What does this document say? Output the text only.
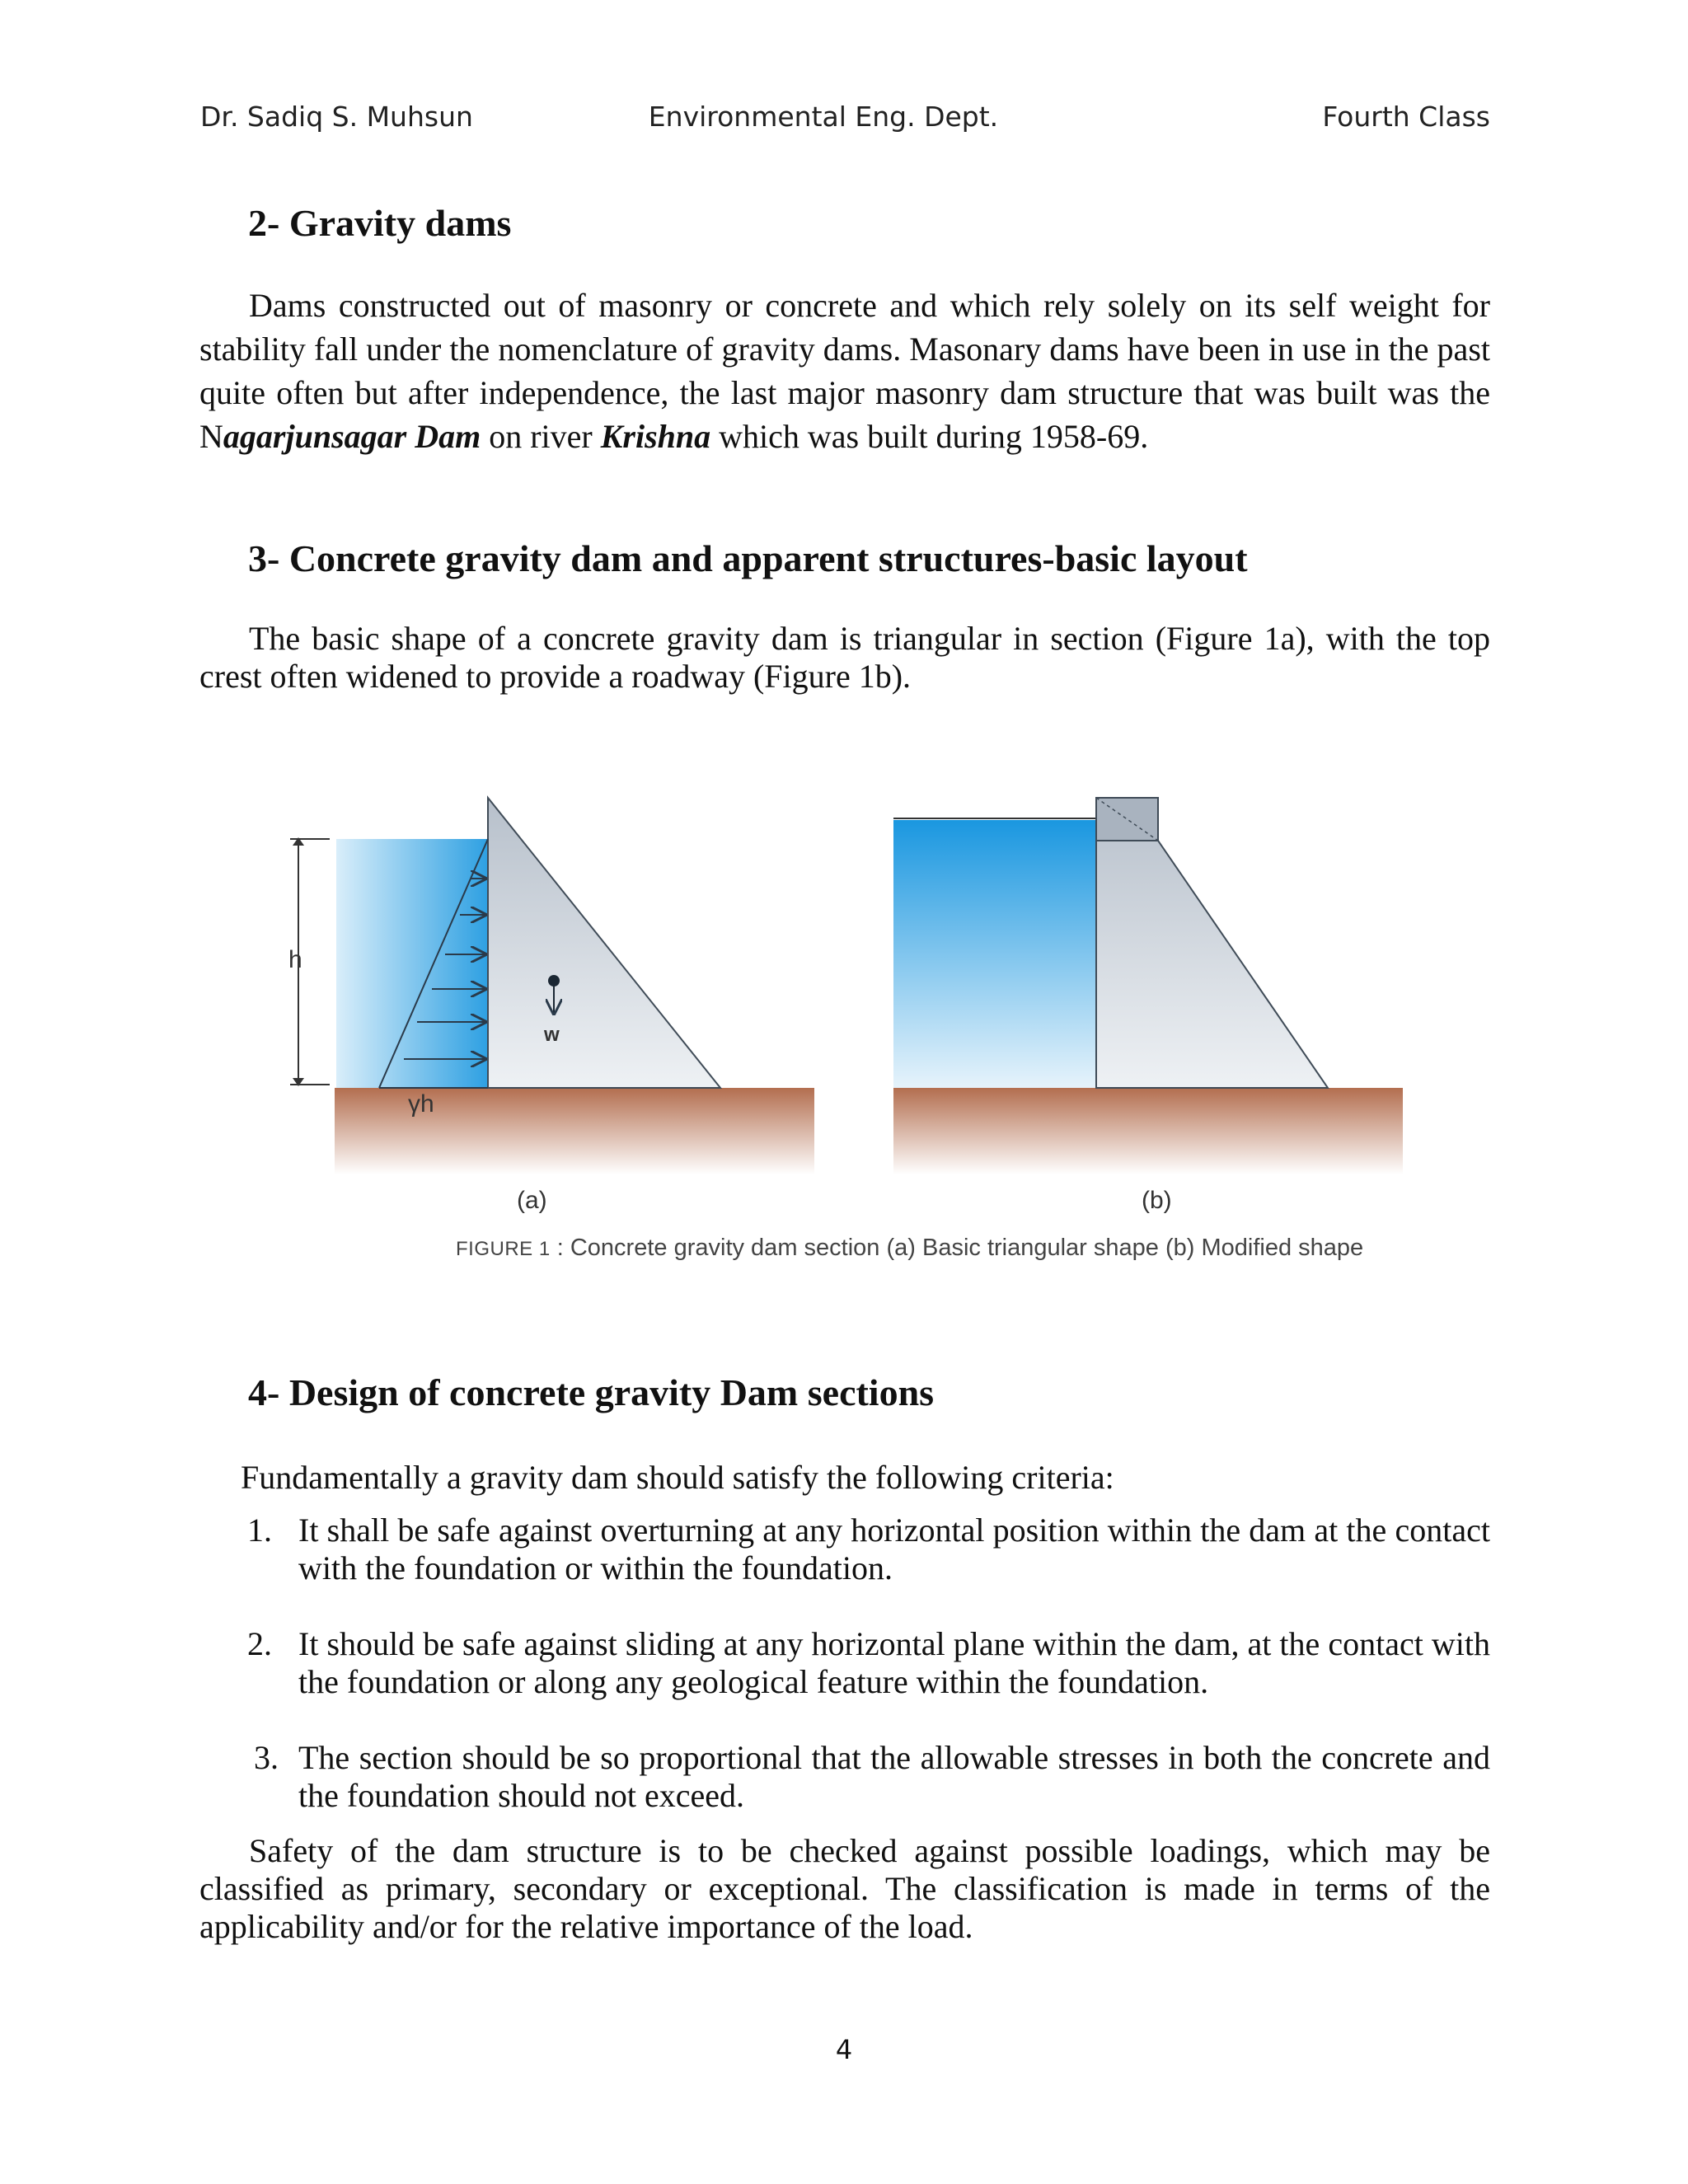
Dr. Sadiq S. Muhsun	Environmental Eng. Dept.	Fourth Class
2- Gravity dams

Dams constructed out of masonry or concrete and which rely solely on its self weight for stability fall under the nomenclature of gravity dams. Masonary dams have been in use in the past quite often but after independence, the last major masonry dam structure that was built was the Nagarjunsagar Dam on river Krishna which was built during 1958-69.

3- Concrete gravity dam and apparent structures-basic layout

The basic shape of a concrete gravity dam is triangular in section (Figure 1a), with the top crest often widened to provide a roadway (Figure 1b).

h
w
γh
(a)	(b)
FIGURE 1 : Concrete gravity dam section (a) Basic triangular shape (b) Modified shape
4- Design of concrete gravity Dam sections

Fundamentally a gravity dam should satisfy the following criteria:

1. It shall be safe against overturning at any horizontal position within the dam at the contact with the foundation or within the foundation.
2. It should be safe against sliding at any horizontal plane within the dam, at the contact with the foundation or along any geological feature within the foundation.
3. The section should be so proportional that the allowable stresses in both the concrete and the foundation should not exceed.

Safety of the dam structure is to be checked against possible loadings, which may be classified as primary, secondary or exceptional. The classification is made in terms of the applicability and/or for the relative importance of the load.

4
